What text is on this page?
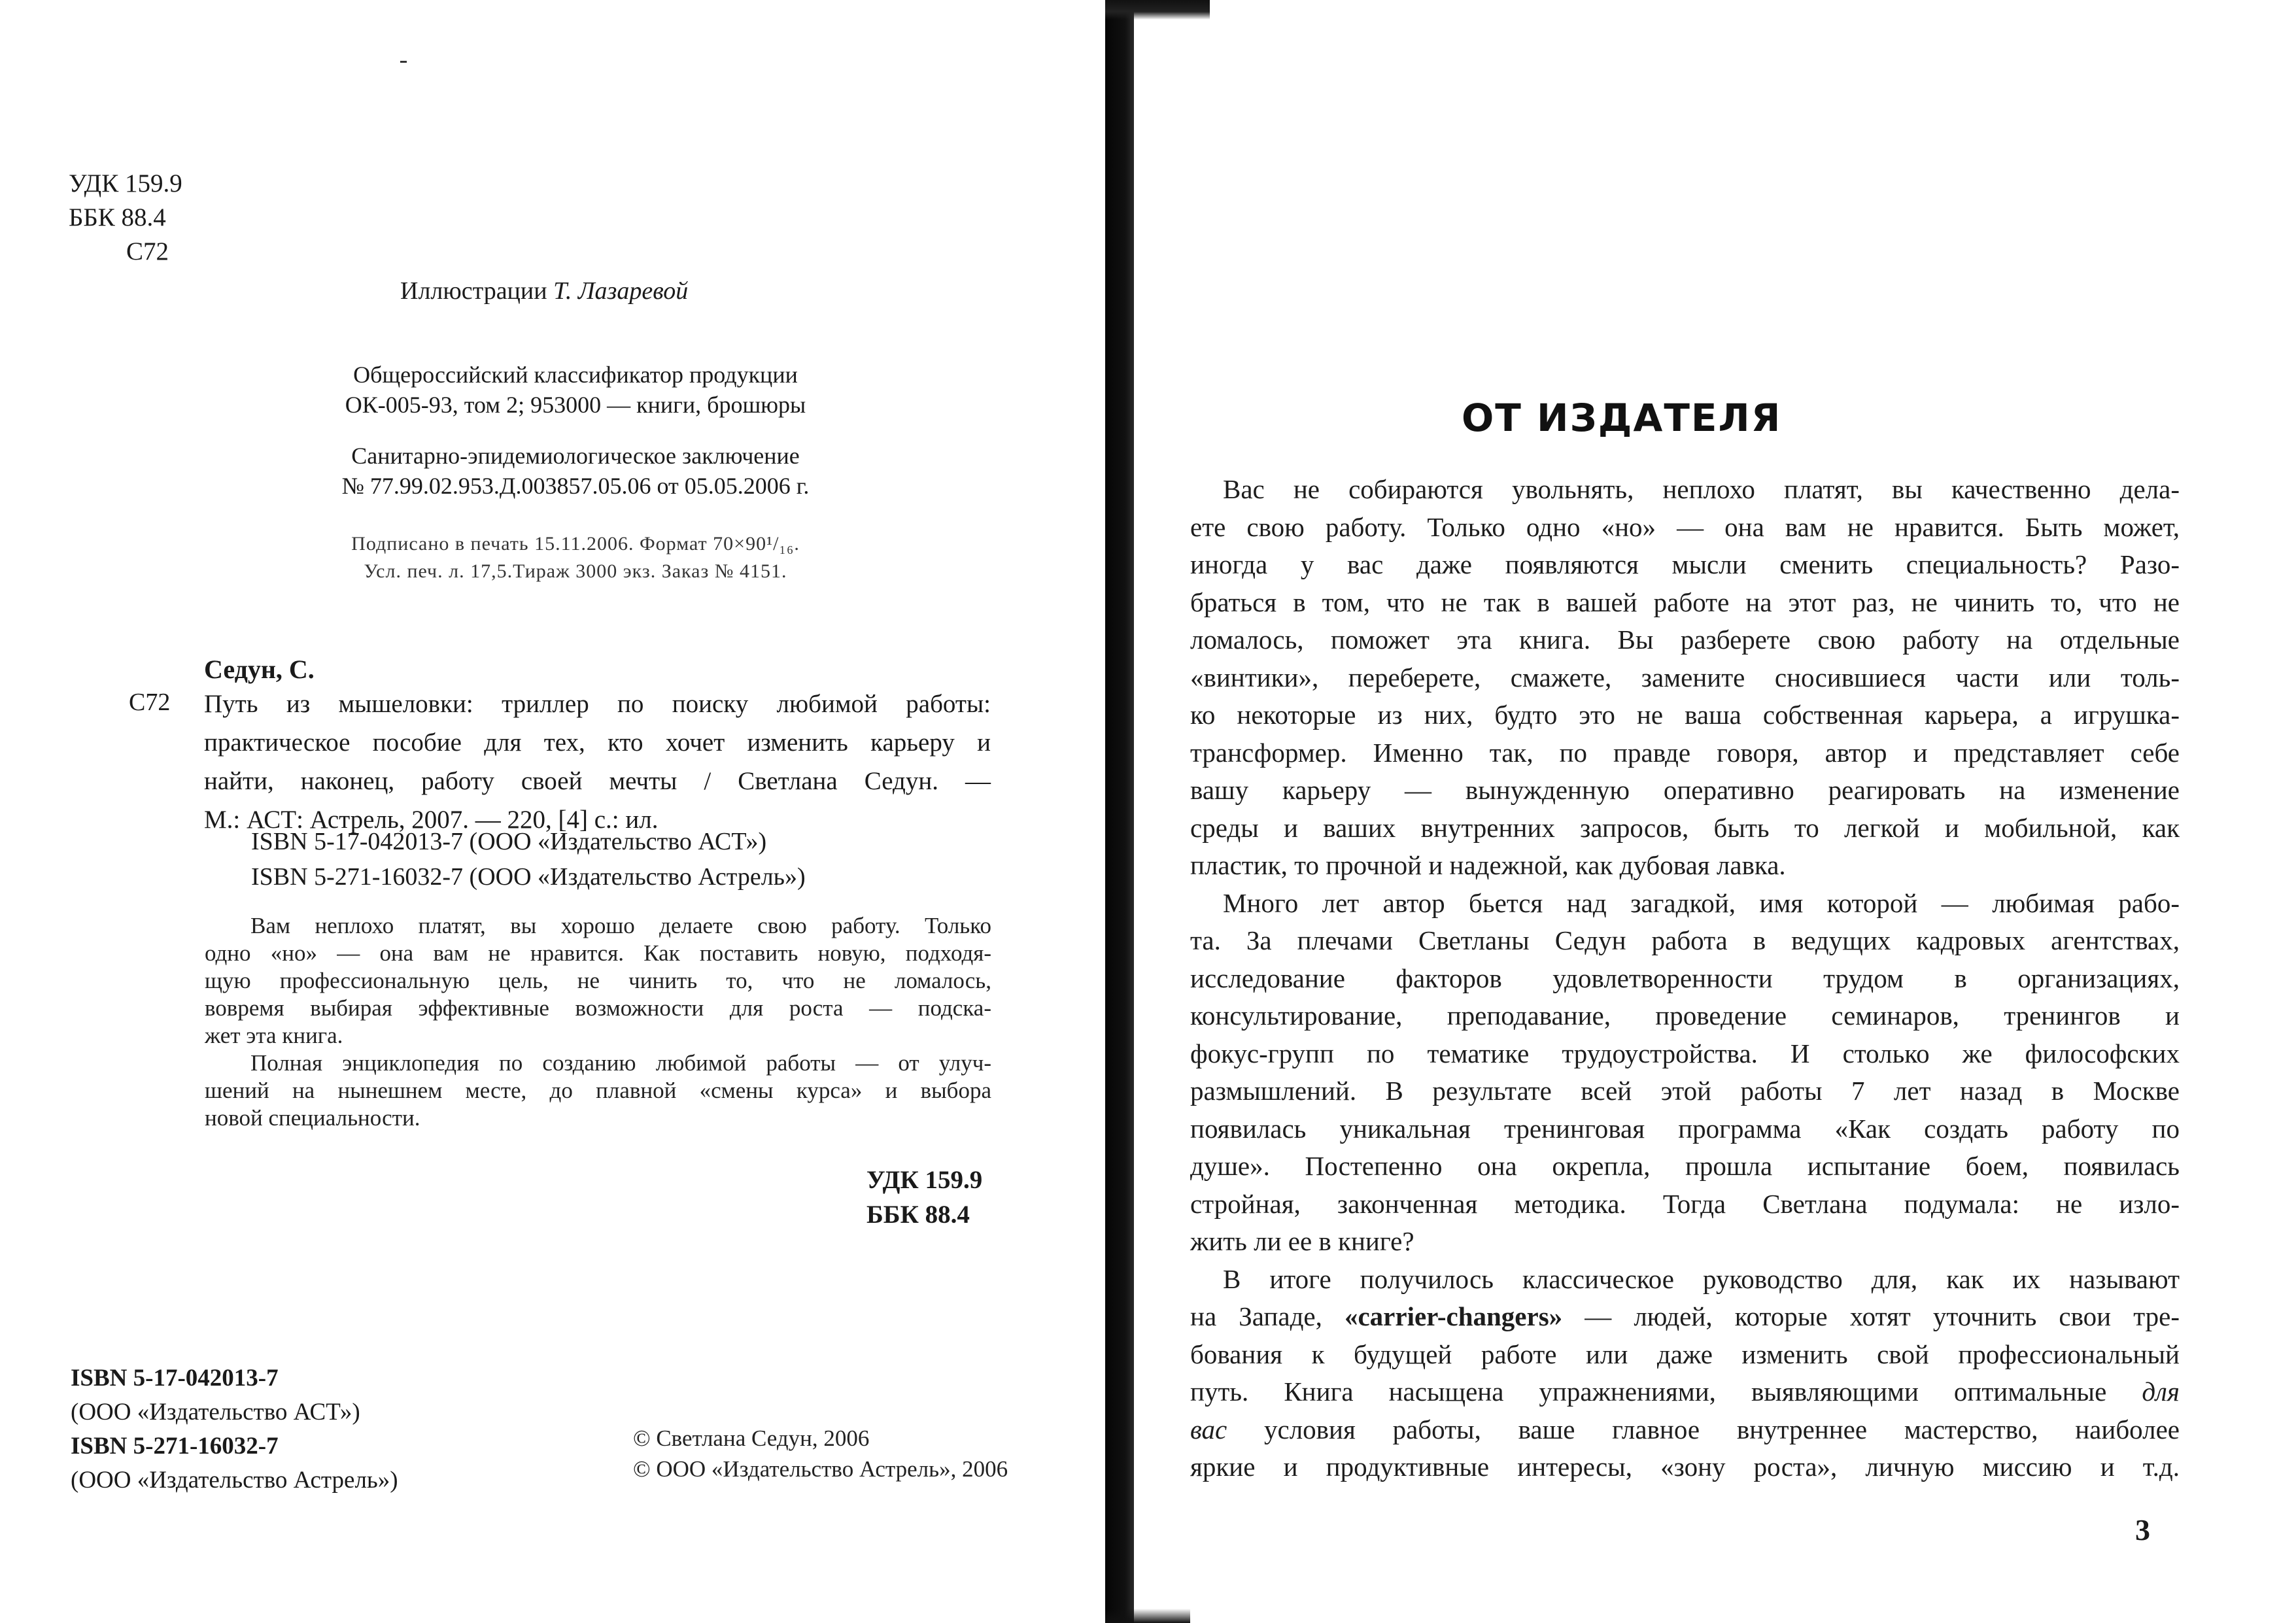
УДК 159.9
ББК 88.4
С72
Иллюстрации Т. Лазаревой
Общероссийский классификатор продукции
ОК-005-93, том 2; 953000 — книги, брошюры
Санитарно-эпидемиологическое заключение
№ 77.99.02.953.Д.003857.05.06 от 05.05.2006 г.
Подписано в печать 15.11.2006. Формат 70×90¹/₁₆.
Усл. печ. л. 17,5.Тираж 3000 экз. Заказ № 4151.
Седун, С.
С72 Путь из мышеловки: триллер по поиску любимой работы:
практическое пособие для тех, кто хочет изменить карьеру и
найти, наконец, работу своей мечты / Светлана Седун. —
М.: АСТ: Астрель, 2007. — 220, [4] с.: ил.
ISBN 5-17-042013-7 (ООО «Издательство АСТ»)
ISBN 5-271-16032-7 (ООО «Издательство Астрель»)
Вам неплохо платят, вы хорошо делаете свою работу. Только
одно «но» — она вам не нравится. Как поставить новую, подходя-
щую профессиональную цель, не чинить то, что не ломалось,
вовремя выбирая эффективные возможности для роста — подска-
жет эта книга.
Полная энциклопедия по созданию любимой работы — от улуч-
шений на нынешнем месте, до плавной «смены курса» и выбора
новой специальности.
УДК 159.9
ББК 88.4
ISBN 5-17-042013-7
(ООО «Издательство АСТ»)
ISBN 5-271-16032-7
(ООО «Издательство Астрель»)
© Светлана Седун, 2006
© ООО «Издательство Астрель», 2006
ОТ ИЗДАТЕЛЯ
Вас не собираются увольнять, неплохо платят, вы качественно дела-
ете свою работу. Только одно «но» — она вам не нравится. Быть может,
иногда у вас даже появляются мысли сменить специальность? Разо-
браться в том, что не так в вашей работе на этот раз, не чинить то, что не
ломалось, поможет эта книга. Вы разберете свою работу на отдельные
«винтики», переберете, смажете, замените сносившиеся части или толь-
ко некоторые из них, будто это не ваша собственная карьера, а игрушка-
трансформер. Именно так, по правде говоря, автор и представляет себе
вашу карьеру — вынужденную оперативно реагировать на изменение
среды и ваших внутренних запросов, быть то легкой и мобильной, как
пластик, то прочной и надежной, как дубовая лавка.
Много лет автор бьется над загадкой, имя которой — любимая рабо-
та. За плечами Светланы Седун работа в ведущих кадровых агентствах,
исследование факторов удовлетворенности трудом в организациях,
консультирование, преподавание, проведение семинаров, тренингов и
фокус-групп по тематике трудоустройства. И столько же философских
размышлений. В результате всей этой работы 7 лет назад в Москве
появилась уникальная тренинговая программа «Как создать работу по
душе». Постепенно она окрепла, прошла испытание боем, появилась
стройная, законченная методика. Тогда Светлана подумала: не изло-
жить ли ее в книге?
В итоге получилось классическое руководство для, как их называют
на Западе, «carrier-changers» — людей, которые хотят уточнить свои тре-
бования к будущей работе или даже изменить свой профессиональный
путь. Книга насыщена упражнениями, выявляющими оптимальные для
вас условия работы, ваше главное внутреннее мастерство, наиболее
яркие и продуктивные интересы, «зону роста», личную миссию и т.д.
3
